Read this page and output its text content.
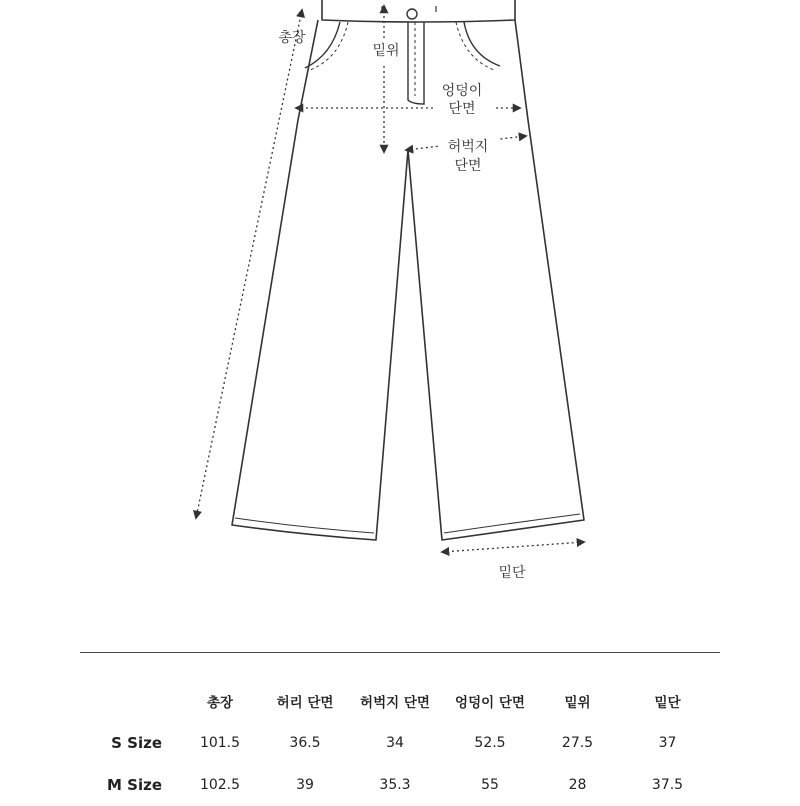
총장
밑위
엉덩이
단면
허벅지
단면
밑단
	총장	허리 단면	허벅지 단면	엉덩이 단면	밑위	밑단
S Size	101.5	36.5	34	52.5	27.5	37
M Size	102.5	39	35.3	55	28	37.5
